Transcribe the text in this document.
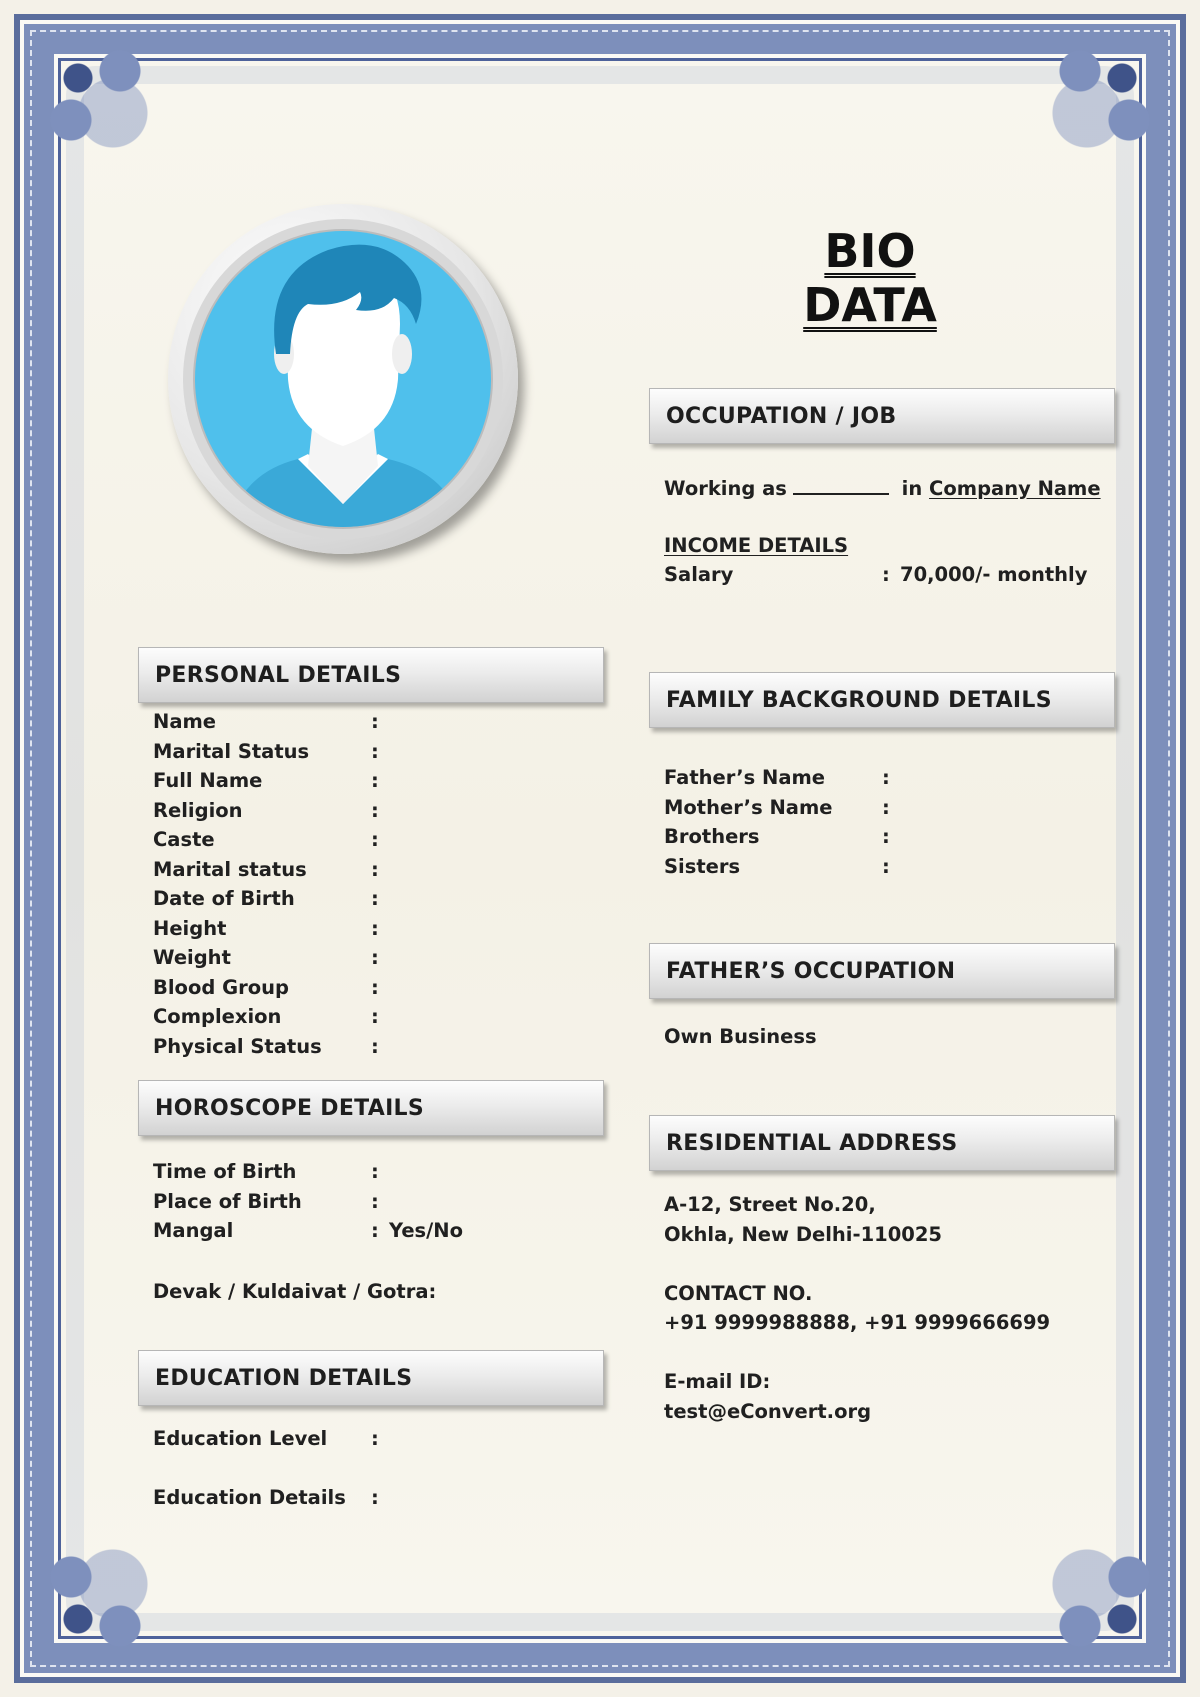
BIO DATA
PERSONAL DETAILS
Name	:
Marital Status	:
Full Name	:
Religion	:
Caste	:
Marital status	:
Date of Birth	:
Height	:
Weight	:
Blood Group	:
Complexion	:
Physical Status	:
HOROSCOPE DETAILS
Time of Birth	:
Place of Birth	:
Mangal	: Yes/No
Devak / Kuldaivat / Gotra:
EDUCATION DETAILS
Education Level :
Education Details :
OCCUPATION / JOB
Working as	in Company Name
INCOME DETAILS
Salary	: 70,000/- monthly
FAMILY BACKGROUND DETAILS
Father’s Name	:
Mother’s Name	:
Brothers	:
Sisters	:
FATHER’S OCCUPATION
Own Business
RESIDENTIAL ADDRESS
A-12, Street No.20,
Okhla, New Delhi-110025
CONTACT NO.
+91 9999988888, +91 9999666699
E-mail ID:
test@eConvert.org
